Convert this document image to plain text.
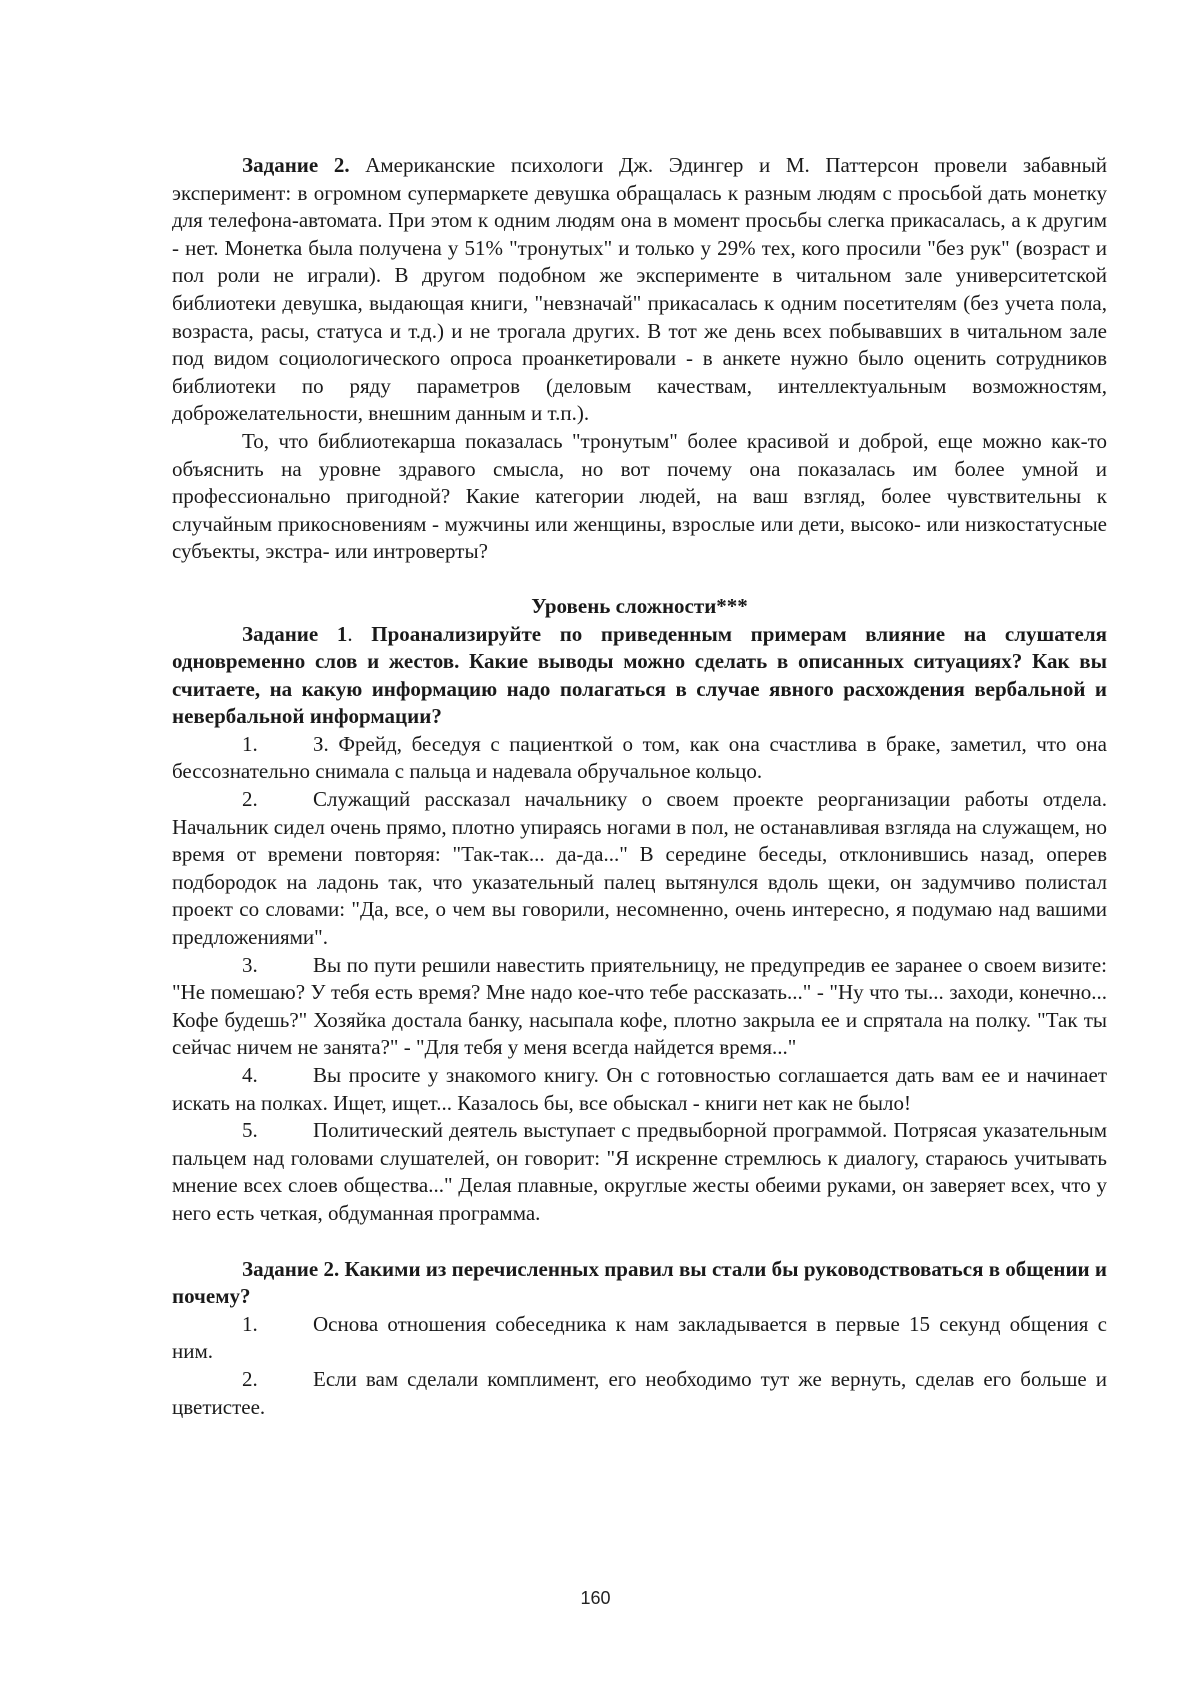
Задание 2. Американские психологи Дж. Эдингер и М. Паттерсон провели забавный эксперимент: в огромном супермаркете девушка обращалась к разным людям с просьбой дать монетку для телефона-автомата. При этом к одним людям она в момент просьбы слегка прикасалась, а к другим - нет. Монетка была получена у 51% "тронутых" и только у 29% тех, кого просили "без рук" (возраст и пол роли не играли). В другом подобном же эксперименте в читальном зале университетской библиотеки девушка, выдающая книги, "невзначай" прикасалась к одним посетителям (без учета пола, возраста, расы, статуса и т.д.) и не трогала других. В тот же день всех побывавших в читальном зале под видом социологического опроса проанкетировали - в анкете нужно было оценить сотрудников библиотеки по ряду параметров (деловым качествам, интеллектуальным возможностям, доброжелательности, внешним данным и т.п.).

То, что библиотекарша показалась "тронутым" более красивой и доброй, еще можно как-то объяснить на уровне здравого смысла, но вот почему она показалась им более умной и профессионально пригодной? Какие категории людей, на ваш взгляд, более чувствительны к случайным прикосновениям - мужчины или женщины, взрослые или дети, высоко- или низкостатусные субъекты, экстра- или интроверты?

Уровень сложности***

Задание 1. Проанализируйте по приведенным примерам влияние на слушателя одновременно слов и жестов. Какие выводы можно сделать в описанных ситуациях? Как вы считаете, на какую информацию надо полагаться в случае явного расхождения вербальной и невербальной информации?

1.	З. Фрейд, беседуя с пациенткой о том, как она счастлива в браке, заметил, что она бессознательно снимала с пальца и надевала обручальное кольцо.

2.	Служащий рассказал начальнику о своем проекте реорганизации работы отдела. Начальник сидел очень прямо, плотно упираясь ногами в пол, не останавливая взгляда на служащем, но время от времени повторяя: "Так-так... да-да..." В середине беседы, отклонившись назад, оперев подбородок на ладонь так, что указательный палец вытянулся вдоль щеки, он задумчиво полистал проект со словами: "Да, все, о чем вы говорили, несомненно, очень интересно, я подумаю над вашими предложениями".

3.	Вы по пути решили навестить приятельницу, не предупредив ее заранее о своем визите: "Не помешаю? У тебя есть время? Мне надо кое-что тебе рассказать..." - "Ну что ты... заходи, конечно... Кофе будешь?" Хозяйка достала банку, насыпала кофе, плотно закрыла ее и спрятала на полку. "Так ты сейчас ничем не занята?" - "Для тебя у меня всегда найдется время..."

4.	Вы просите у знакомого книгу. Он с готовностью соглашается дать вам ее и начинает искать на полках. Ищет, ищет... Казалось бы, все обыскал - книги нет как не было!

5.	Политический деятель выступает с предвыборной программой. Потрясая указательным пальцем над головами слушателей, он говорит: "Я искренне стремлюсь к диалогу, стараюсь учитывать мнение всех слоев общества..." Делая плавные, округлые жесты обеими руками, он заверяет всех, что у него есть четкая, обдуманная программа.

Задание 2. Какими из перечисленных правил вы стали бы руководствоваться в общении и почему?

1.	Основа отношения собеседника к нам закладывается в первые 15 секунд общения с ним.

2.	Если вам сделали комплимент, его необходимо тут же вернуть, сделав его больше и цветистее.

160
